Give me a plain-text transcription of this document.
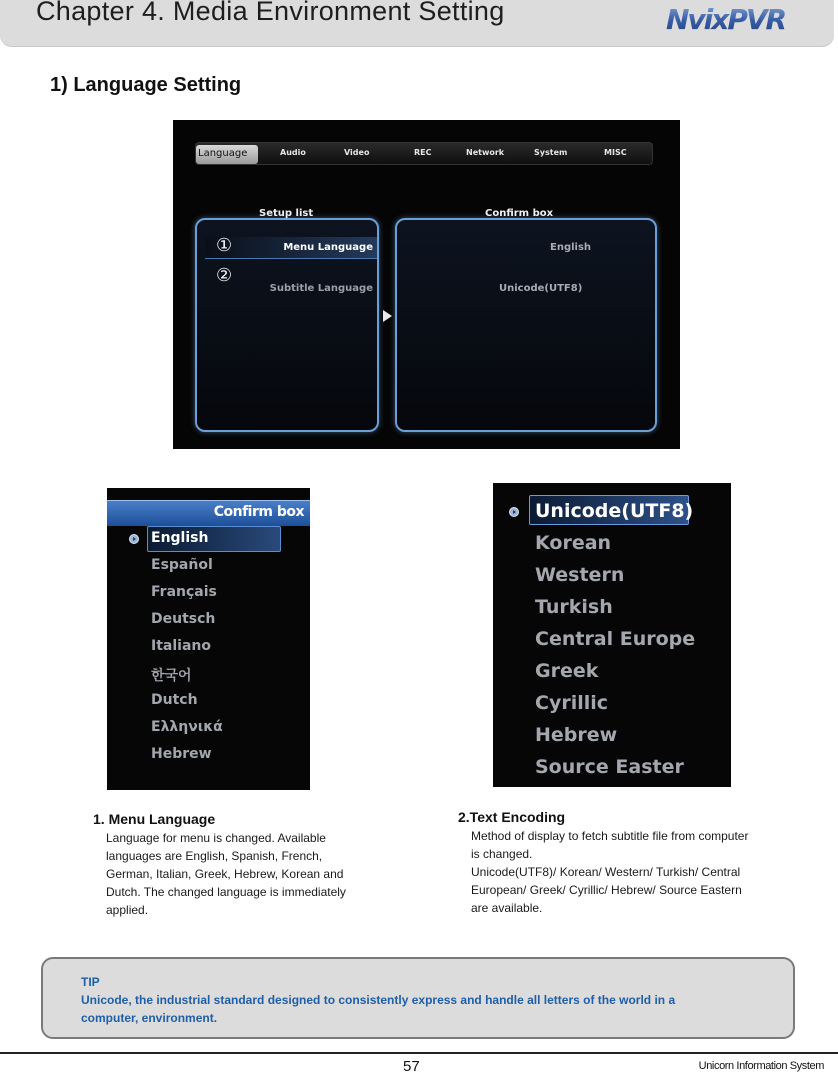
Chapter 4. Media Environment Setting	NvixPVR
1) Language Setting
Language	Audio	Video	REC	Network	System	MISC
Setup list	Confirm box
Menu Language
Subtitle Language
①
②
English
Unicode(UTF8)
Confirm box
English
Español
Français
Deutsch
Italiano
한국어
Dutch
Ελληνικά
Hebrew
Unicode(UTF8)
Korean
Western
Turkish
Central Europe
Greek
Cyrillic
Hebrew
Source Easter
1. Menu Language
Language for menu is changed. Available
languages are English, Spanish, French,
German, Italian, Greek, Hebrew, Korean and
Dutch. The changed language is immediately
applied.
2.Text Encoding
Method of display to fetch subtitle file from computer
is changed.
Unicode(UTF8)/ Korean/ Western/ Turkish/ Central
European/ Greek/ Cyrillic/ Hebrew/ Source Eastern
are available.
TIP
Unicode, the industrial standard designed to consistently express and handle all letters of the world in a
computer, environment.
57	Unicorn Information System
